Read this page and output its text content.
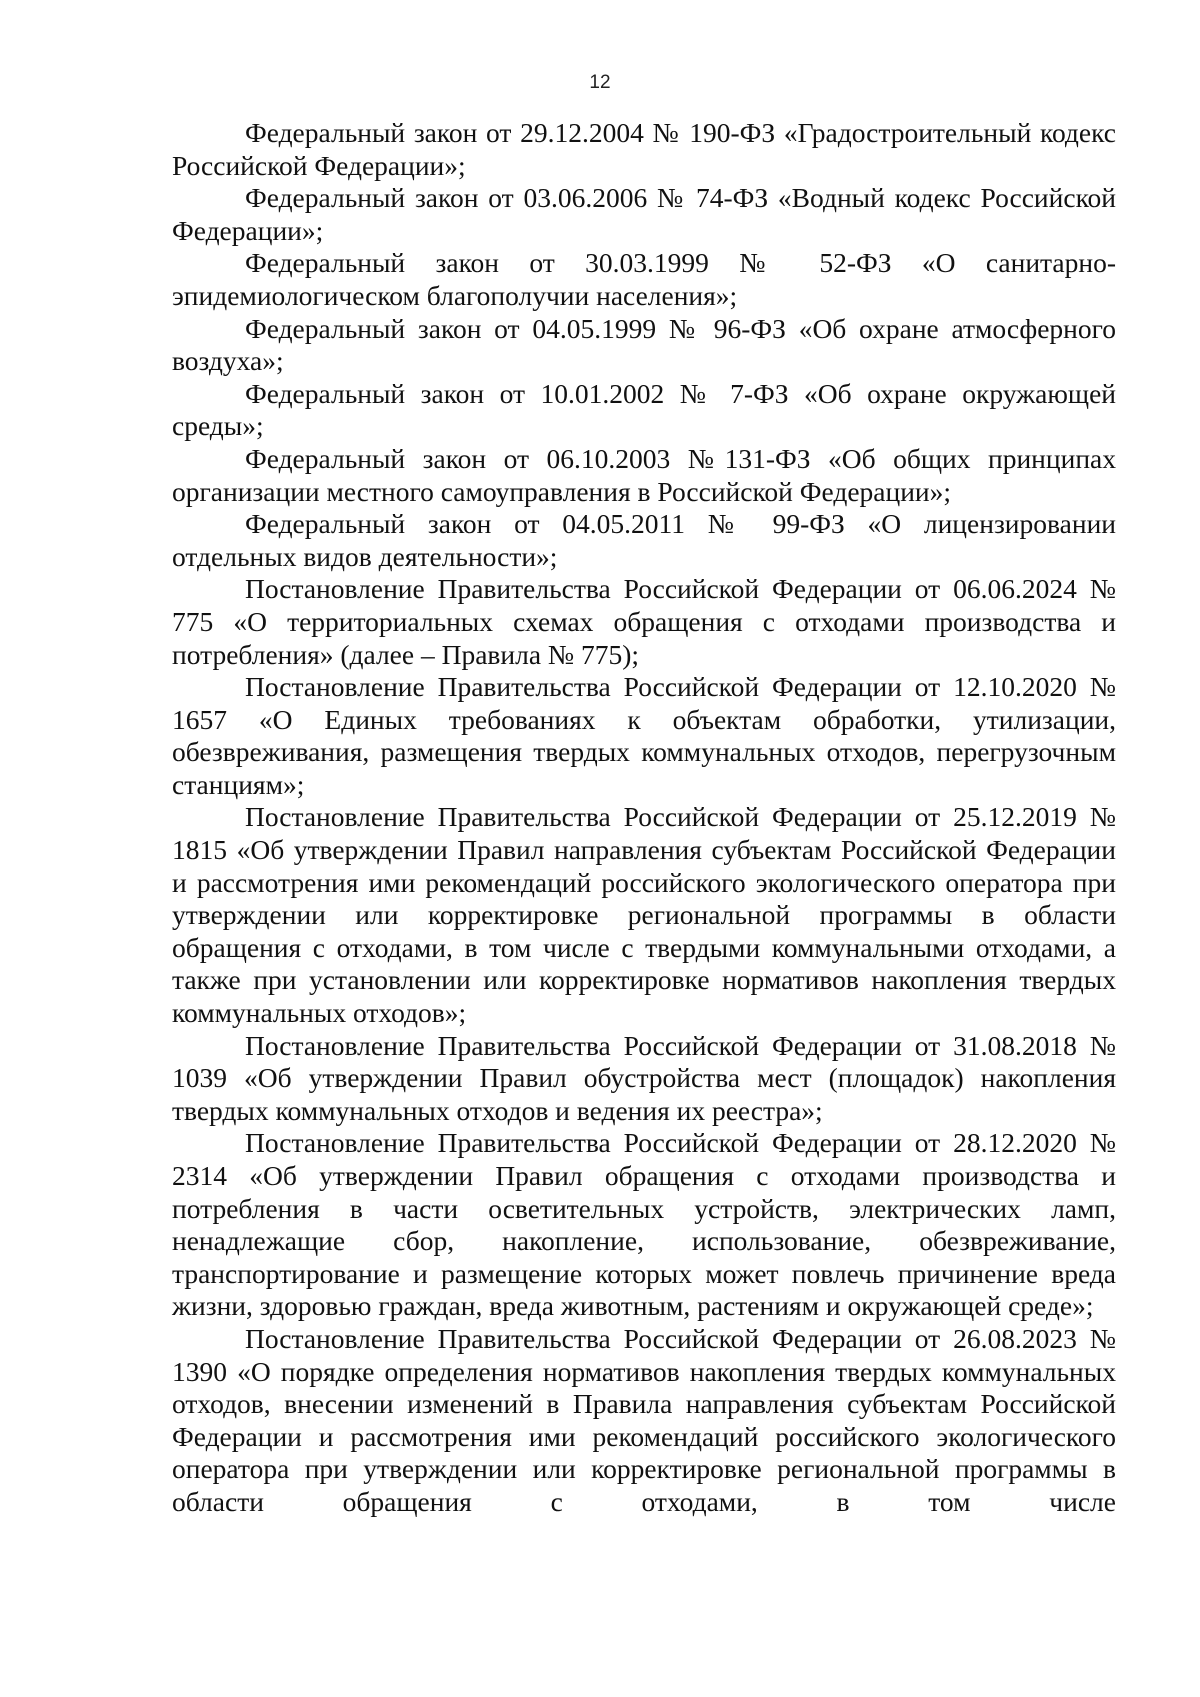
12

Федеральный закон от 29.12.2004 № 190-ФЗ «Градостроительный кодекс Российской Федерации»;

Федеральный закон от 03.06.2006 № 74-ФЗ «Водный кодекс Российской Федерации»;

Федеральный закон от 30.03.1999 № 52-ФЗ «О санитарно-эпидемиологическом благополучии населения»;

Федеральный закон от 04.05.1999 № 96-ФЗ «Об охране атмосферного воздуха»;

Федеральный закон от 10.01.2002 № 7-ФЗ «Об охране окружающей среды»;

Федеральный закон от 06.10.2003 №131-ФЗ «Об общих принципах организации местного самоуправления в Российской Федерации»;

Федеральный закон от 04.05.2011 № 99-ФЗ «О лицензировании отдельных видов деятельности»;

Постановление Правительства Российской Федерации от 06.06.2024 № 775 «О территориальных схемах обращения с отходами производства и потребления» (далее – Правила № 775);

Постановление Правительства Российской Федерации от 12.10.2020 № 1657 «О Единых требованиях к объектам обработки, утилизации, обезвреживания, размещения твердых коммунальных отходов, перегрузочным станциям»;

Постановление Правительства Российской Федерации от 25.12.2019 № 1815 «Об утверждении Правил направления субъектам Российской Федерации и рассмотрения ими рекомендаций российского экологического оператора при утверждении или корректировке региональной программы в области обращения с отходами, в том числе с твердыми коммунальными отходами, а также при установлении или корректировке нормативов накопления твердых коммунальных отходов»;

Постановление Правительства Российской Федерации от 31.08.2018 № 1039 «Об утверждении Правил обустройства мест (площадок) накопления твердых коммунальных отходов и ведения их реестра»;

Постановление Правительства Российской Федерации от 28.12.2020 № 2314 «Об утверждении Правил обращения с отходами производства и потребления в части осветительных устройств, электрических ламп, ненадлежащие сбор, накопление, использование, обезвреживание, транспортирование и размещение которых может повлечь причинение вреда жизни, здоровью граждан, вреда животным, растениям и окружающей среде»;

Постановление Правительства Российской Федерации от 26.08.2023 № 1390 «О порядке определения нормативов накопления твердых коммунальных отходов, внесении изменений в Правила направления субъектам Российской Федерации и рассмотрения ими рекомендаций российского экологического оператора при утверждении или корректировке региональной программы в области обращения с отходами, в том числе
